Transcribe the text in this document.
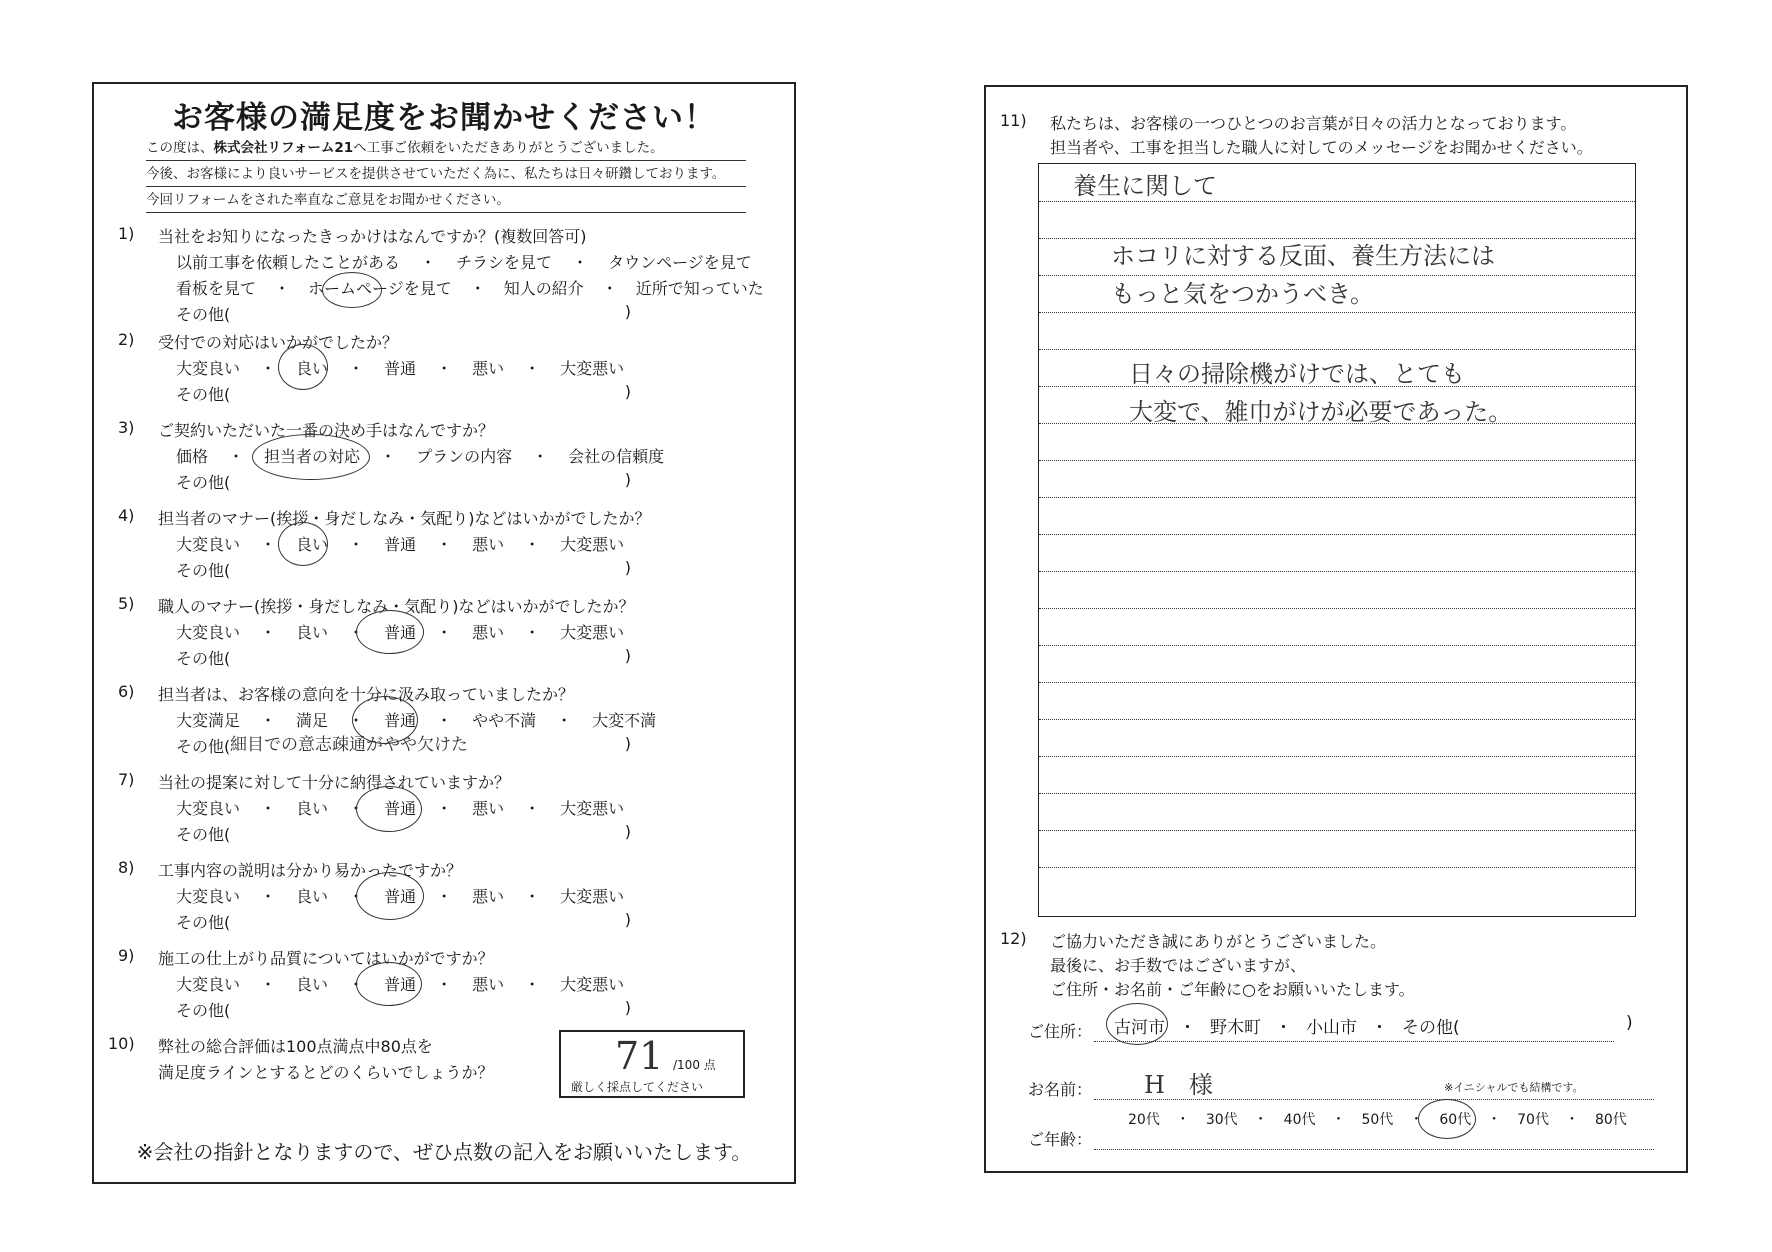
お客様の満足度をお聞かせください！
この度は、株式会社リフォーム21へ工事ご依頼をいただきありがとうございました。
今後、お客様により良いサービスを提供させていただく為に、私たちは日々研鑽しております。
今回リフォームをされた率直なご意見をお聞かせください。
1) 当社をお知りになったきっかけはなんですか？(複数回答可)
以前工事を依頼したことがある ・ チラシを見て ・ タウンページを見て
看板を見て ・ ホームページを見て ・ 知人の紹介 ・ 近所で知っていた
その他(	)
2) 受付での対応はいかがでしたか？
大変良い ・ 良い ・ 普通 ・ 悪い ・ 大変悪い
その他(	)
3) ご契約いただいた一番の決め手はなんですか？
価格 ・ 担当者の対応 ・ プランの内容 ・ 会社の信頼度
その他(	)
4) 担当者のマナー(挨拶・身だしなみ・気配り)などはいかがでしたか？
大変良い ・ 良い ・ 普通 ・ 悪い ・ 大変悪い
その他(	)
5) 職人のマナー(挨拶・身だしなみ・気配り)などはいかがでしたか？
大変良い ・ 良い ・ 普通 ・ 悪い ・ 大変悪い
その他(	)
6) 担当者は、お客様の意向を十分に汲み取っていましたか？
大変満足 ・ 満足 ・ 普通 ・ やや不満 ・ 大変不満
その他(	)
細目での意志疎通がやや欠けた
7) 当社の提案に対して十分に納得されていますか？
大変良い ・ 良い ・ 普通 ・ 悪い ・ 大変悪い
その他(	)
8) 工事内容の説明は分かり易かったですか？
大変良い ・ 良い ・ 普通 ・ 悪い ・ 大変悪い
その他(	)
9) 施工の仕上がり品質についてはいかがですか？
大変良い ・ 良い ・ 普通 ・ 悪い ・ 大変悪い
その他(	)
10) 弊社の総合評価は100点満点中80点を
満足度ラインとするとどのくらいでしょうか？	71 /100 点
厳しく採点してください
※会社の指針となりますので、ぜひ点数の記入をお願いいたします。
11) 私たちは、お客様の一つひとつのお言葉が日々の活力となっております。
担当者や、工事を担当した職人に対してのメッセージをお聞かせください。
養生に関して
ホコリに対する反面、養生方法には
もっと気をつかうべき。
日々の掃除機がけでは、とても
大変で、雑巾がけが必要であった。
12) ご協力いただき誠にありがとうございました。
最後に、お手数ではございますが、
ご住所・お名前・ご年齢に○をお願いいたします。
ご住所： 古河市 ・ 野木町 ・ 小山市 ・ その他(	)
お名前： H　様	※イニシャルでも結構です。
ご年齢：
20代 ・ 30代 ・ 40代 ・ 50代 ・ 60代 ・ 70代 ・ 80代
